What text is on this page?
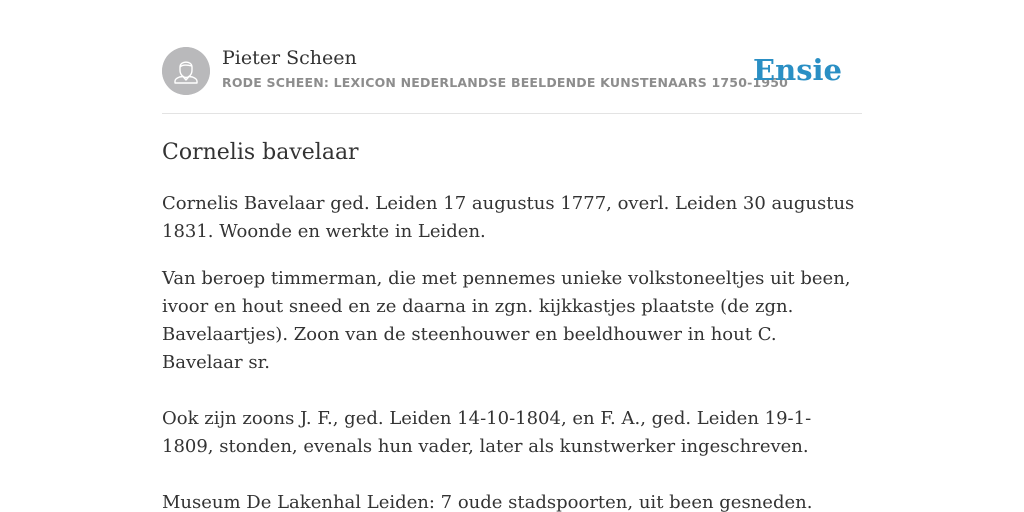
Pieter Scheen
RODE SCHEEN: LEXICON NEDERLANDSE BEELDENDE KUNSTENAARS 1750-1950
Ensie
Cornelis bavelaar

Cornelis Bavelaar ged. Leiden 17 augustus 1777, overl. Leiden 30 augustus 1831. Woonde en werkte in Leiden.

Van beroep timmerman, die met pennemes unieke volkstoneeltjes uit been, ivoor en hout sneed en ze daarna in zgn. kijkkastjes plaatste (de zgn. Bavelaartjes). Zoon van de steenhouwer en beeldhouwer in hout C. Bavelaar sr.

Ook zijn zoons J. F., ged. Leiden 14-10-1804, en F. A., ged. Leiden 19-1-1809, stonden, evenals hun vader, later als kunstwerker ingeschreven.

Museum De Lakenhal Leiden: 7 oude stadspoorten, uit been gesneden.
